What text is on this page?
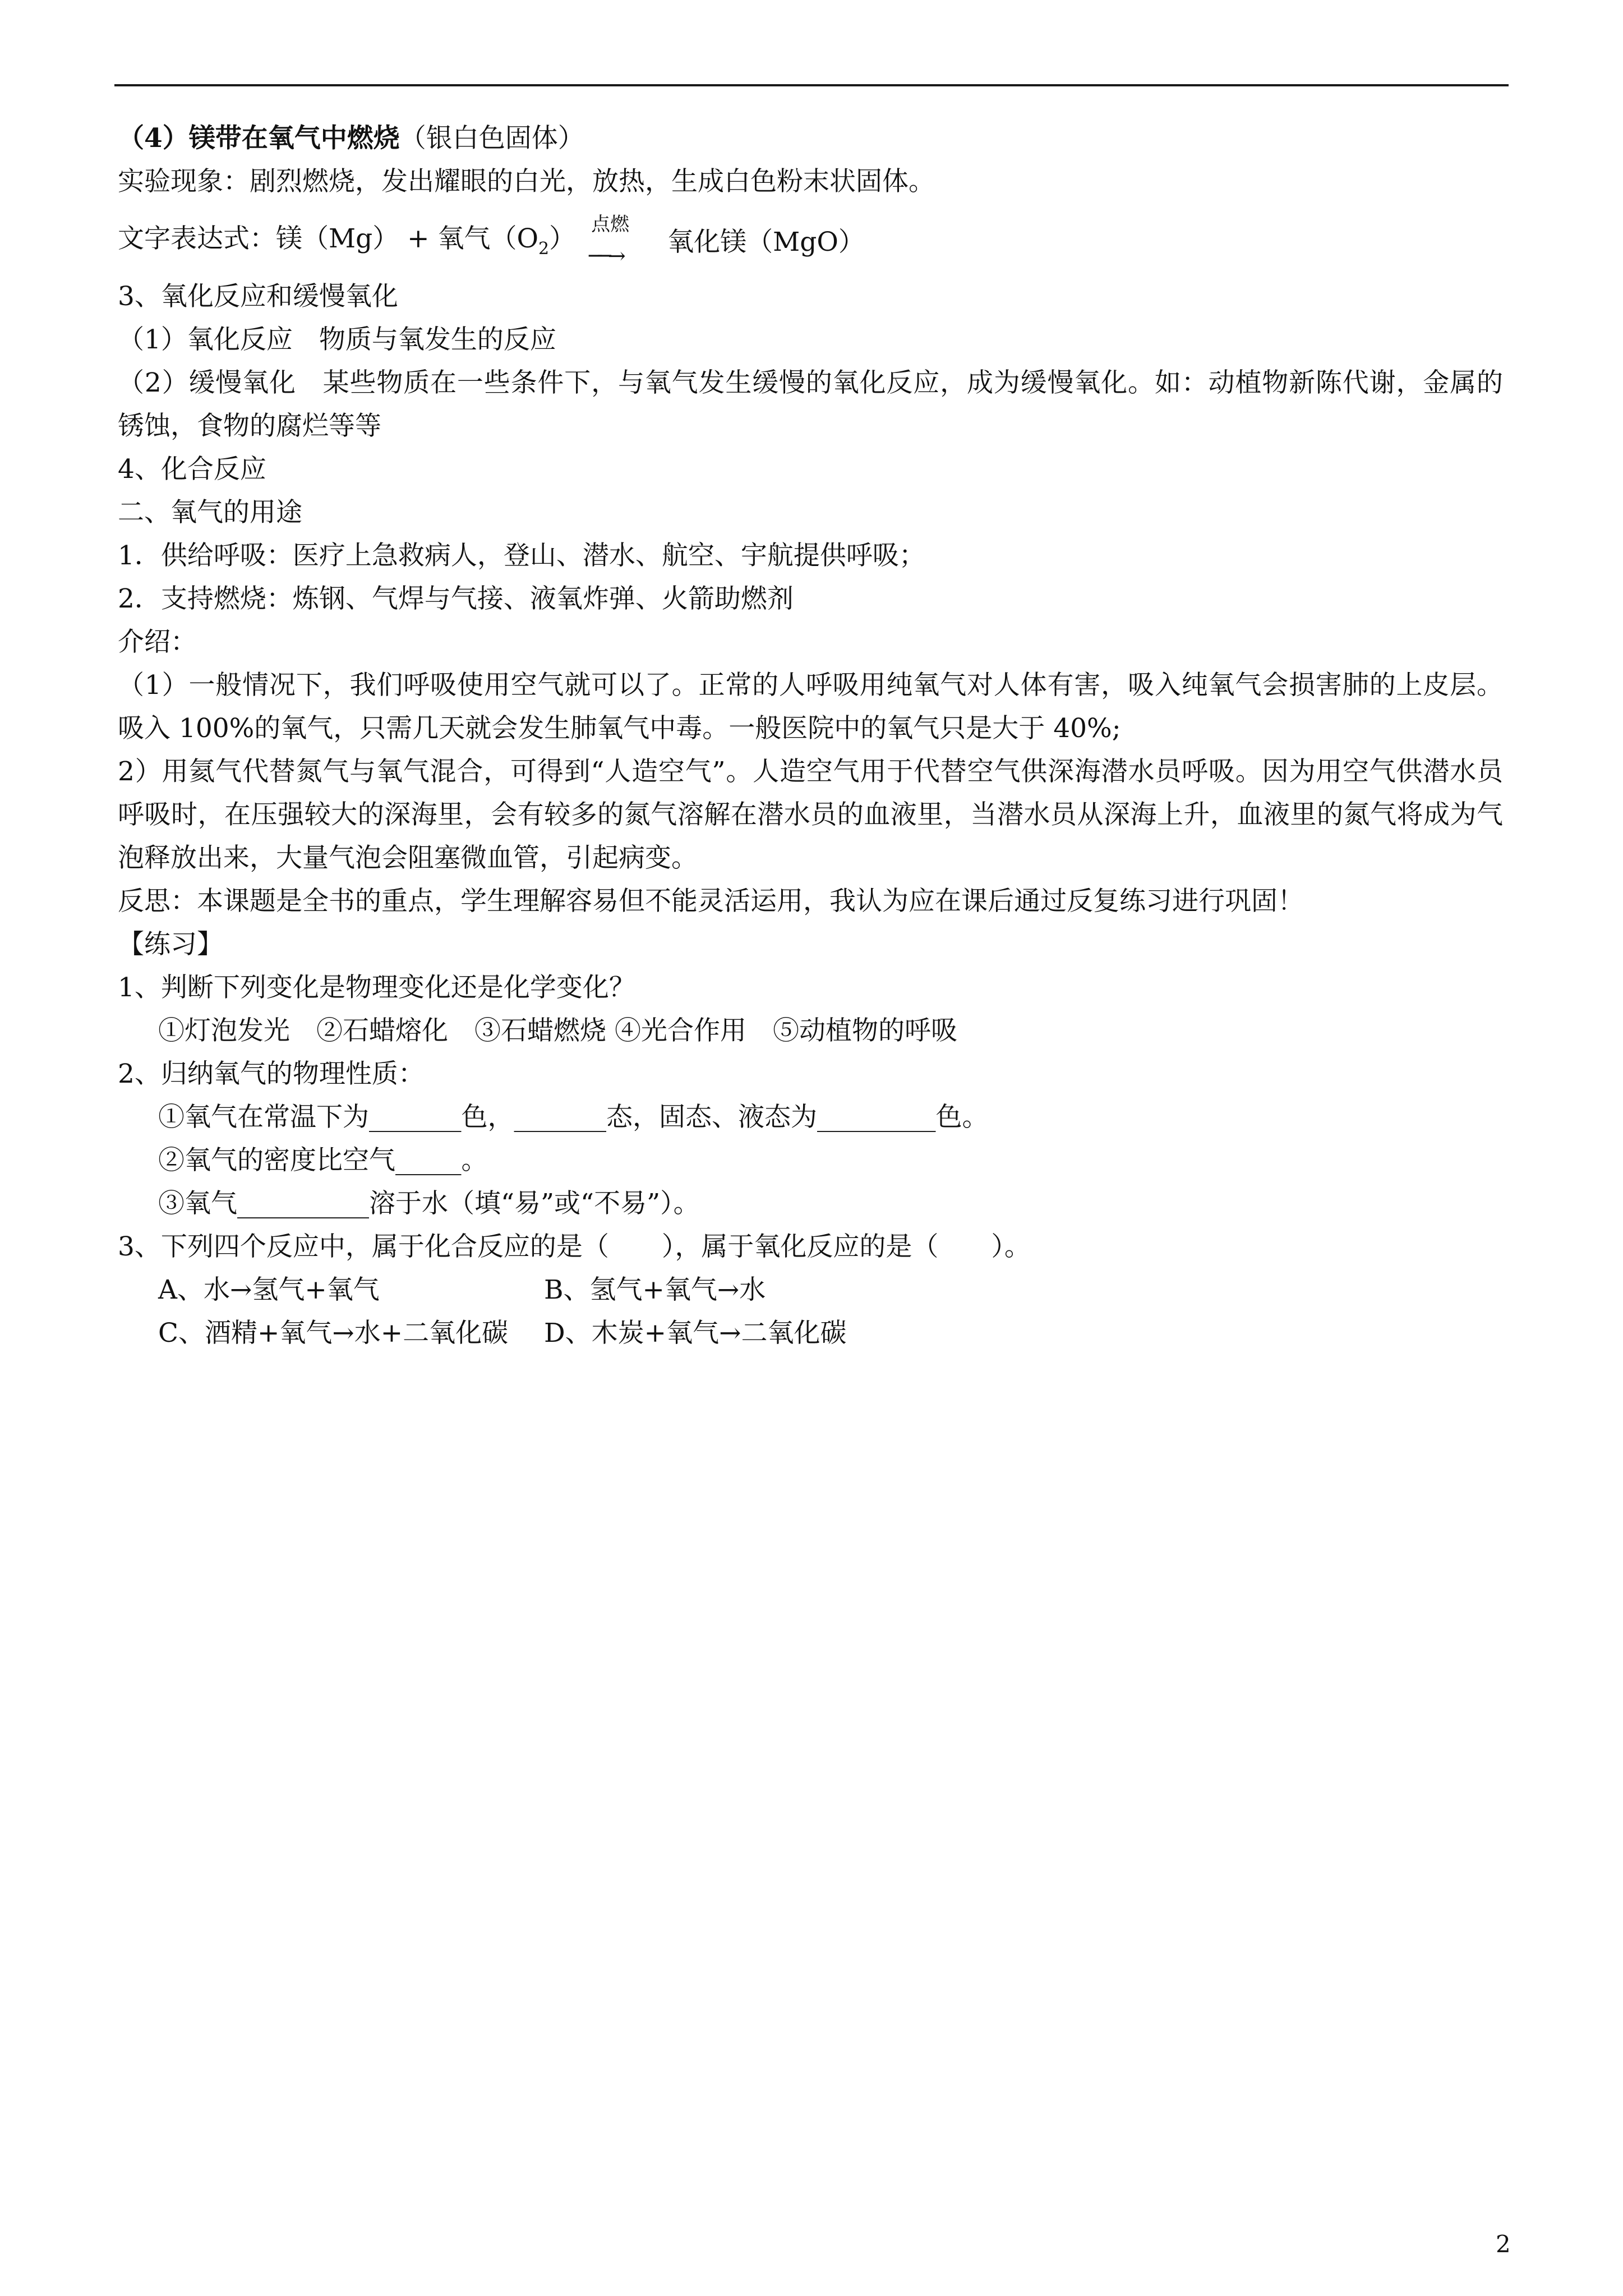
（4）镁带在氧气中燃烧（银白色固体）
实验现象：剧烈燃烧，发出耀眼的白光，放热，生成白色粉末状固体。
文字表达式：镁（Mg） + 氧气$(O_2)$ 点燃
──→ 氧化镁（MgO）
3、氧化反应和缓慢氧化
（1）氧化反应　物质与氧发生的反应
（2）缓慢氧化　某些物质在一些条件下，与氧气发生缓慢的氧化反应，成为缓慢氧化。如：动植物新陈代谢，金属的锈蚀，食物的腐烂等等
4、化合反应
二、氧气的用途
1．供给呼吸：医疗上急救病人，登山、潜水、航空、宇航提供呼吸；
2．支持燃烧：炼钢、气焊与气接、液氧炸弹、火箭助燃剂
介绍：
（1）一般情况下，我们呼吸使用空气就可以了。正常的人呼吸用纯氧气对人体有害，吸入纯氧气会损害肺的上皮层。吸入 100%的氧气，只需几天就会发生肺氧气中毒。一般医院中的氧气只是大于 40%;
2）用氦气代替氮气与氧气混合，可得到“人造空气”。人造空气用于代替空气供深海潜水员呼吸。因为用空气供潜水员呼吸时，在压强较大的深海里，会有较多的氮气溶解在潜水员的血液里，当潜水员从深海上升，血液里的氮气将成为气泡释放出来，大量气泡会阻塞微血管，引起病变。
反思：本课题是全书的重点，学生理解容易但不能灵活运用，我认为应在课后通过反复练习进行巩固！
【练习】
1、判断下列变化是物理变化还是化学变化？
①灯泡发光　②石蜡熔化　③石蜡燃烧 ④光合作用　⑤动植物的呼吸
2、归纳氧气的物理性质：
①氧气在常温下为_______色，_______态，固态、液态为_________色。
②氧气的密度比空气_____。
③氧气__________溶于水（填“易”或“不易”）。
3、下列四个反应中，属于化合反应的是（　　），属于氧化反应的是（　　）。
A、水→氢气+氧气	B、氢气+氧气→水
C、酒精+氧气→水+二氧化碳 D、木炭+氧气→二氧化碳
2
